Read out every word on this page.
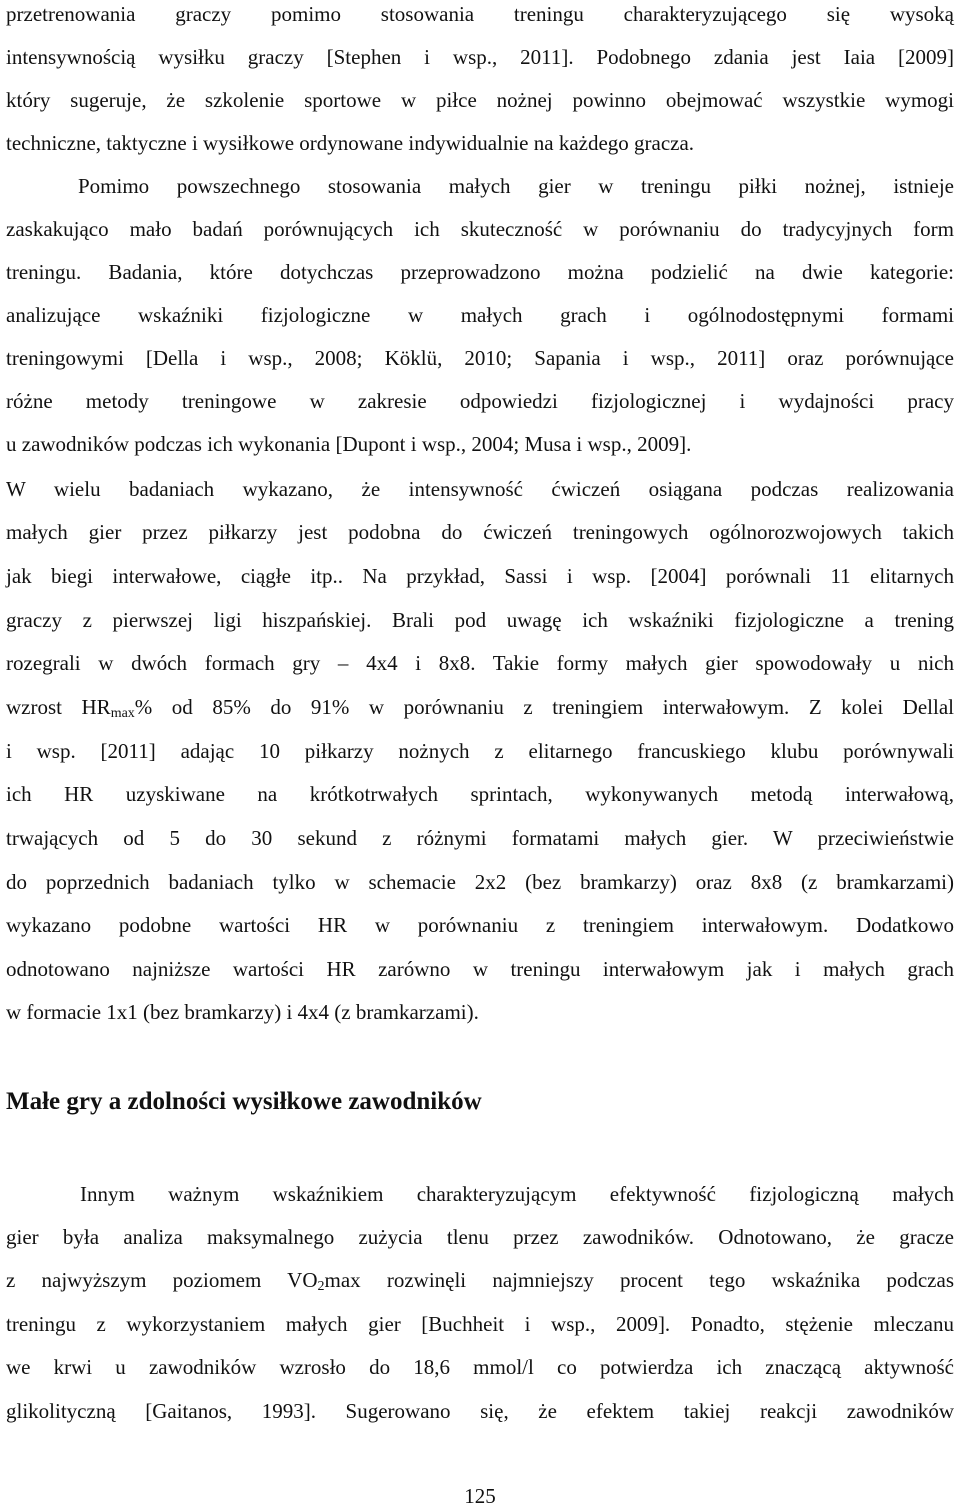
przetrenowania graczy pomimo stosowania treningu charakteryzującego się wysoką
intensywnością wysiłku graczy [Stephen i wsp., 2011]. Podobnego zdania jest Iaia [2009]
który sugeruje, że szkolenie sportowe w piłce nożnej powinno obejmować wszystkie wymogi
techniczne, taktyczne i wysiłkowe ordynowane indywidualnie na każdego gracza.
Pomimo powszechnego stosowania małych gier w treningu piłki nożnej, istnieje
zaskakująco mało badań porównujących ich skuteczność w porównaniu do tradycyjnych form
treningu. Badania, które dotychczas przeprowadzono można podzielić na dwie kategorie:
analizujące wskaźniki fizjologiczne w małych grach i ogólnodostępnymi formami
treningowymi [Della i wsp., 2008; Köklü, 2010; Sapania i wsp., 2011] oraz porównujące
różne metody treningowe w zakresie odpowiedzi fizjologicznej i wydajności pracy
u zawodników podczas ich wykonania [Dupont i wsp., 2004; Musa i wsp., 2009].
W wielu badaniach wykazano, że intensywność ćwiczeń osiągana podczas realizowania
małych gier przez piłkarzy jest podobna do ćwiczeń treningowych ogólnorozwojowych takich
jak biegi interwałowe, ciągłe itp.. Na przykład, Sassi i wsp. [2004] porównali 11 elitarnych
graczy z pierwszej ligi hiszpańskiej. Brali pod uwagę ich wskaźniki fizjologiczne a trening
rozegrali w dwóch formach gry – 4x4 i 8x8. Takie formy małych gier spowodowały u nich
wzrost $HR_{max}\%$ od 85% do 91% w porównaniu z treningiem interwałowym. Z kolei Dellal
i wsp. [2011] adając 10 piłkarzy nożnych z elitarnego francuskiego klubu porównywali
ich HR uzyskiwane na krótkotrwałych sprintach, wykonywanych metodą interwałową,
trwających od 5 do 30 sekund z różnymi formatami małych gier. W przeciwieństwie
do poprzednich badaniach tylko w schemacie 2x2 (bez bramkarzy) oraz 8x8 (z bramkarzami)
wykazano podobne wartości HR w porównaniu z treningiem interwałowym. Dodatkowo
odnotowano najniższe wartości HR zarówno w treningu interwałowym jak i małych grach
w formacie 1x1 (bez bramkarzy) i 4x4 (z bramkarzami).
Małe gry a zdolności wysiłkowe zawodników
Innym ważnym wskaźnikiem charakteryzującym efektywność fizjologiczną małych
gier była analiza maksymalnego zużycia tlenu przez zawodników. Odnotowano, że gracze
z najwyższym poziomem $VO_2\max$ rozwinęli najmniejszy procent tego wskaźnika podczas
treningu z wykorzystaniem małych gier [Buchheit i wsp., 2009]. Ponadto, stężenie mleczanu
we krwi u zawodników wzrosło do 18,6 mmol/l co potwierdza ich znaczącą aktywność
glikolityczną [Gaitanos, 1993]. Sugerowano się, że efektem takiej reakcji zawodników
125
